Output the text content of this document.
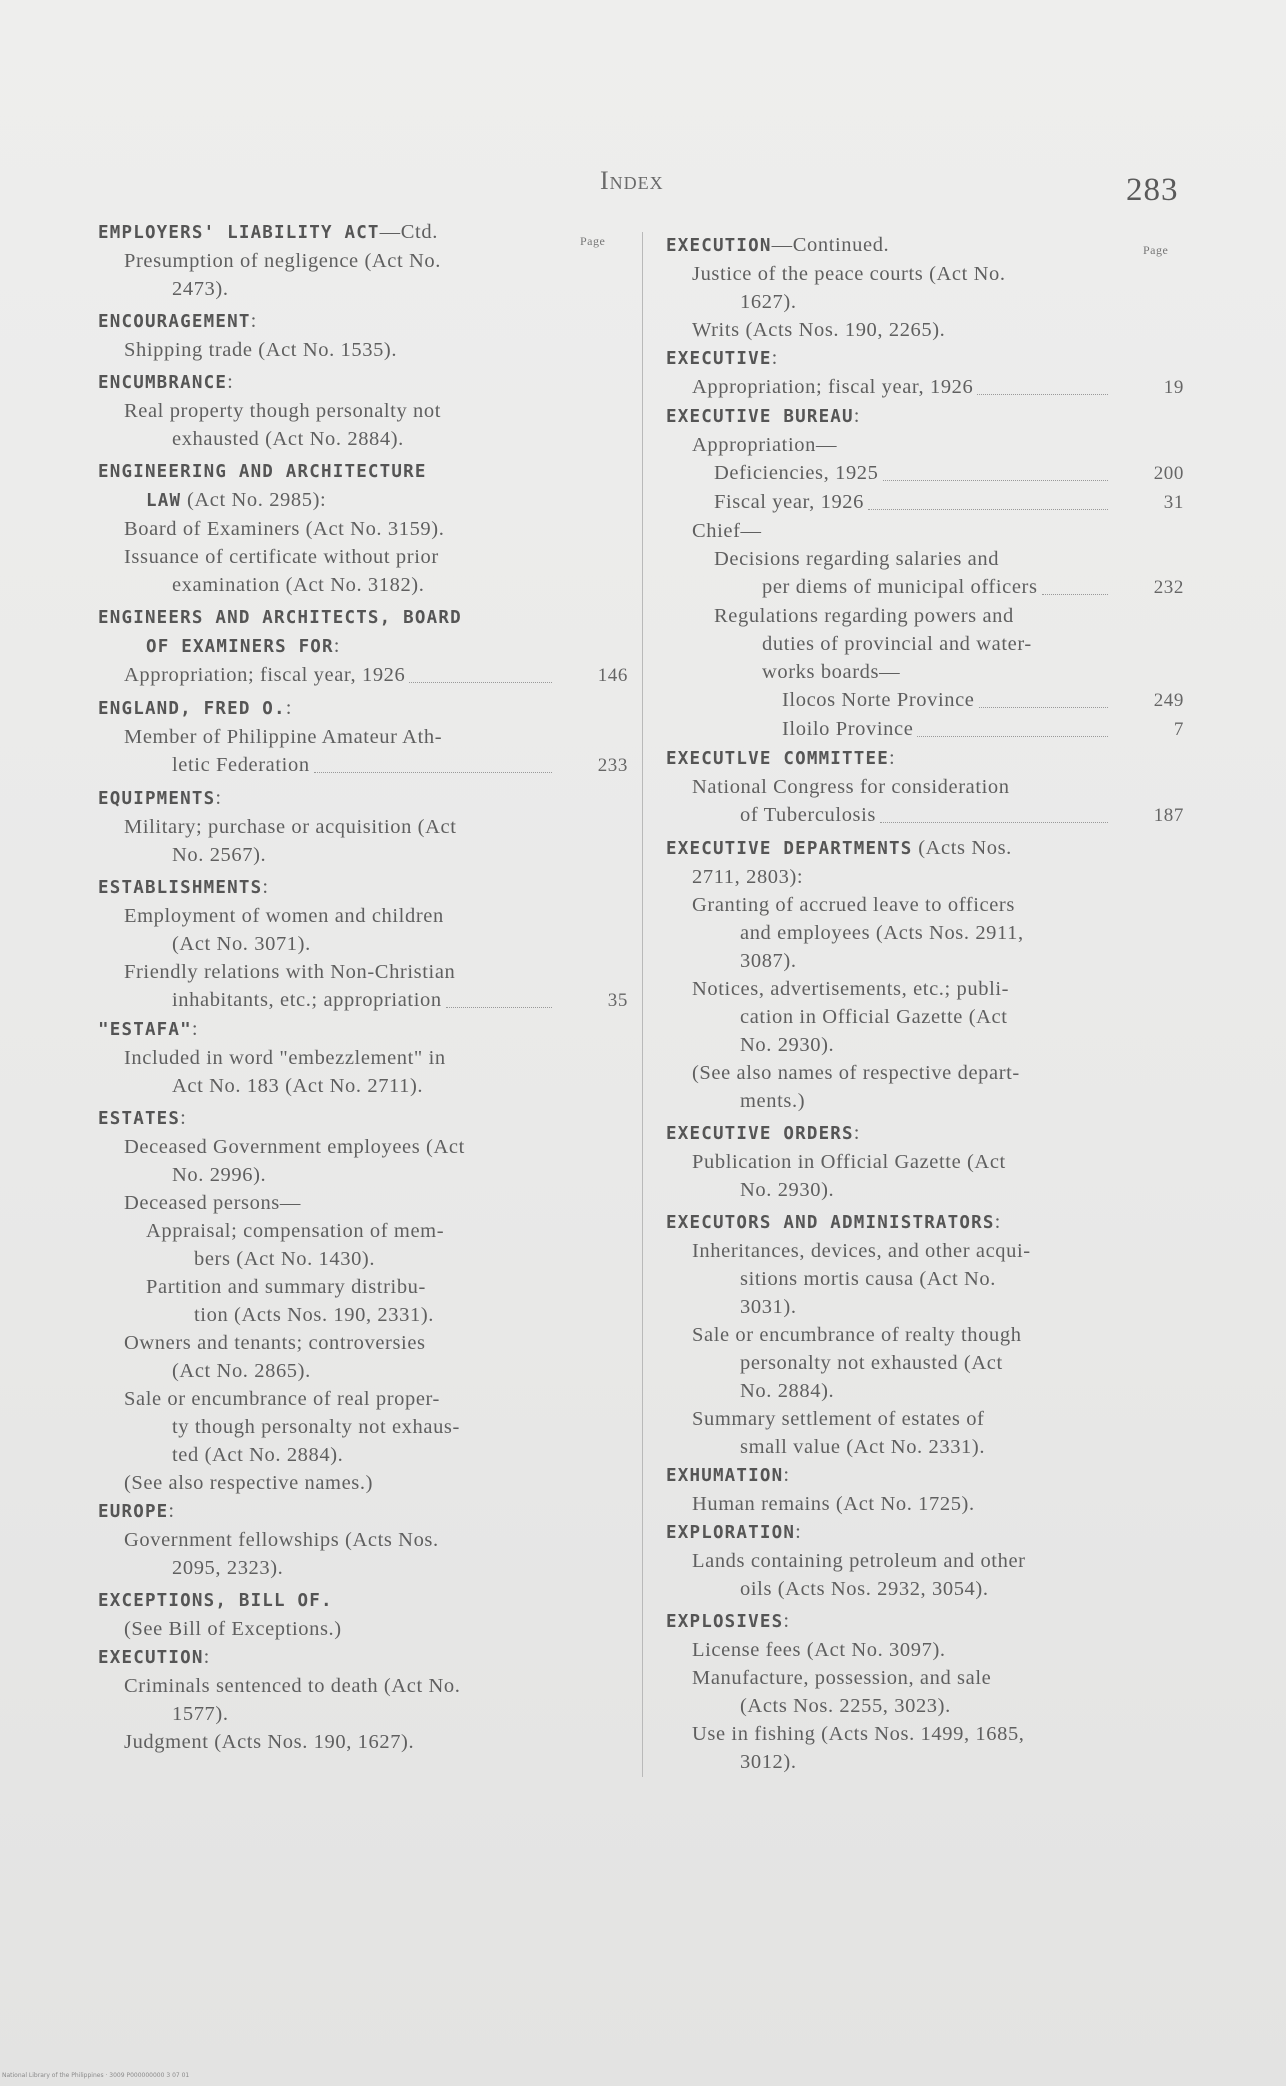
Index	283
Page
Page
EMPLOYERS' LIABILITY ACT—Ctd.
Presumption of negligence (Act No.
2473).
ENCOURAGEMENT:
Shipping trade (Act No. 1535).
ENCUMBRANCE:
Real property though personalty not
exhausted (Act No. 2884).
ENGINEERING AND ARCHITECTURE
LAW (Act No. 2985):
Board of Examiners (Act No. 3159).
Issuance of certificate without prior
examination (Act No. 3182).
ENGINEERS AND ARCHITECTS, BOARD
OF EXAMINERS FOR:
Appropriation; fiscal year, 1926	146
ENGLAND, FRED O.:
Member of Philippine Amateur Ath-
letic Federation	233
EQUIPMENTS:
Military; purchase or acquisition (Act
No. 2567).
ESTABLISHMENTS:
Employment of women and children
(Act No. 3071).
Friendly relations with Non-Christian
inhabitants, etc.; appropriation	35
"ESTAFA":
Included in word "embezzlement" in
Act No. 183 (Act No. 2711).
ESTATES:
Deceased Government employees (Act
No. 2996).
Deceased persons—
Appraisal; compensation of mem-
bers (Act No. 1430).
Partition and summary distribu-
tion (Acts Nos. 190, 2331).
Owners and tenants; controversies
(Act No. 2865).
Sale or encumbrance of real proper-
ty though personalty not exhaus-
ted (Act No. 2884).
(See also respective names.)
EUROPE:
Government fellowships (Acts Nos.
2095, 2323).
EXCEPTIONS, BILL OF.
(See Bill of Exceptions.)
EXECUTION:
Criminals sentenced to death (Act No.
1577).
Judgment (Acts Nos. 190, 1627).
EXECUTION—Continued.
Justice of the peace courts (Act No.
1627).
Writs (Acts Nos. 190, 2265).
EXECUTIVE:
Appropriation; fiscal year, 1926	19
EXECUTIVE BUREAU:
Appropriation—
Deficiencies, 1925	200
Fiscal year, 1926	31
Chief—
Decisions regarding salaries and
per diems of municipal officers	232
Regulations regarding powers and
duties of provincial and water-
works boards—
Ilocos Norte Province	249
Iloilo Province	7
EXECUTLVE COMMITTEE:
National Congress for consideration
of Tuberculosis	187
EXECUTIVE DEPARTMENTS (Acts Nos.
2711, 2803):
Granting of accrued leave to officers
and employees (Acts Nos. 2911,
3087).
Notices, advertisements, etc.; publi-
cation in Official Gazette (Act
No. 2930).
(See also names of respective depart-
ments.)
EXECUTIVE ORDERS:
Publication in Official Gazette (Act
No. 2930).
EXECUTORS AND ADMINISTRATORS:
Inheritances, devices, and other acqui-
sitions mortis causa (Act No.
3031).
Sale or encumbrance of realty though
personalty not exhausted (Act
No. 2884).
Summary settlement of estates of
small value (Act No. 2331).
EXHUMATION:
Human remains (Act No. 1725).
EXPLORATION:
Lands containing petroleum and other
oils (Acts Nos. 2932, 3054).
EXPLOSIVES:
License fees (Act No. 3097).
Manufacture, possession, and sale
(Acts Nos. 2255, 3023).
Use in fishing (Acts Nos. 1499, 1685,
3012).
National Library of the Philippines · 3009 P000000000 3 07 01
